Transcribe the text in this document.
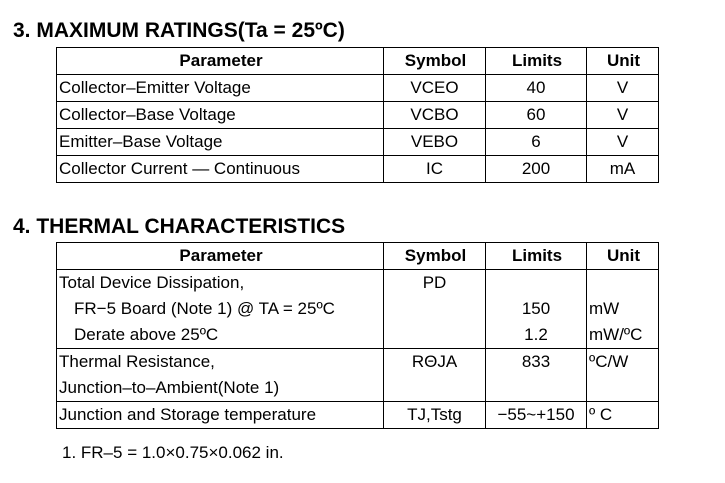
3. MAXIMUM RATINGS(Ta = 25ºC)
Parameter	Symbol	Limits	Unit
Collector–Emitter Voltage	VCEO	40	V
Collector–Base Voltage	VCBO	60	V
Emitter–Base Voltage	VEBO	6	V
Collector Current — Continuous	IC	200	mA
4. THERMAL CHARACTERISTICS
Parameter	Symbol	Limits	Unit
Total Device Dissipation,	PD		
FR−5 Board (Note 1) @ TA = 25ºC		150	mW
Derate above 25ºC		1.2	mW/ºC
Thermal Resistance,	RΘJA	833	ºC/W
Junction–to–Ambient(Note 1)			
Junction and Storage temperature	TJ,Tstg	−55~+150	º C
1. FR–5 = 1.0×0.75×0.062 in.
